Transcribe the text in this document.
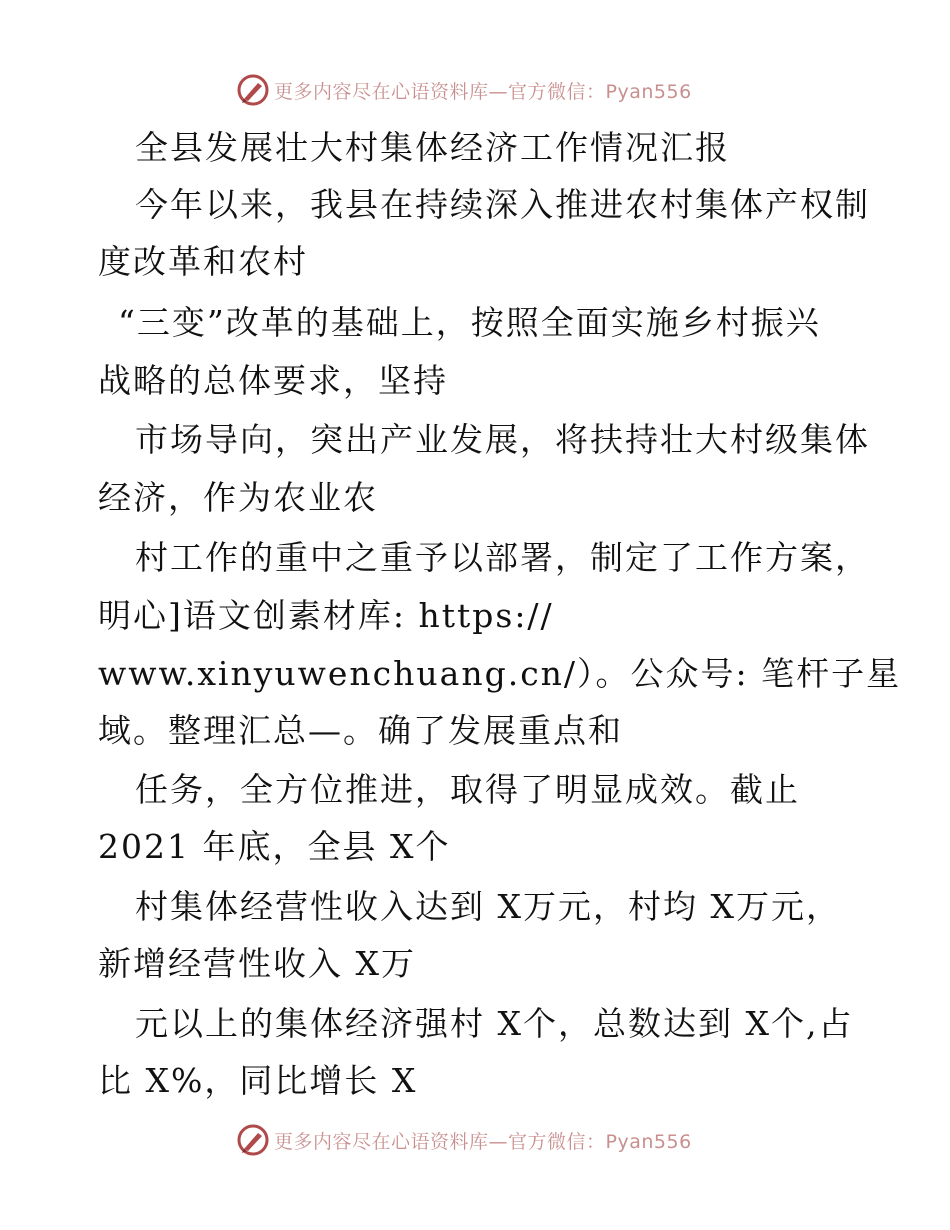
更多内容尽在心语资料库—官方微信：Pyan556
全县发展壮大村集体经济工作情况汇报
今年以来，我县在持续深入推进农村集体产权制
度改革和农村
“三变”改革的基础上，按照全面实施乡村振兴
战略的总体要求，坚持
市场导向，突出产业发展，将扶持壮大村级集体
经济，作为农业农
村工作的重中之重予以部署，制定了工作方案，
明心]语文创素材库: https://
www.xinyuwenchuang.cn/）。公众号: 笔杆子星
域。整理汇总—。确了发展重点和
任务，全方位推进，取得了明显成效。截止
2021 年底，全县 X个
村集体经营性收入达到 X万元，村均 X万元，
新增经营性收入 X万
元以上的集体经济强村 X个，总数达到 X个,占
比 X%，同比增长 X
更多内容尽在心语资料库—官方微信：Pyan556
